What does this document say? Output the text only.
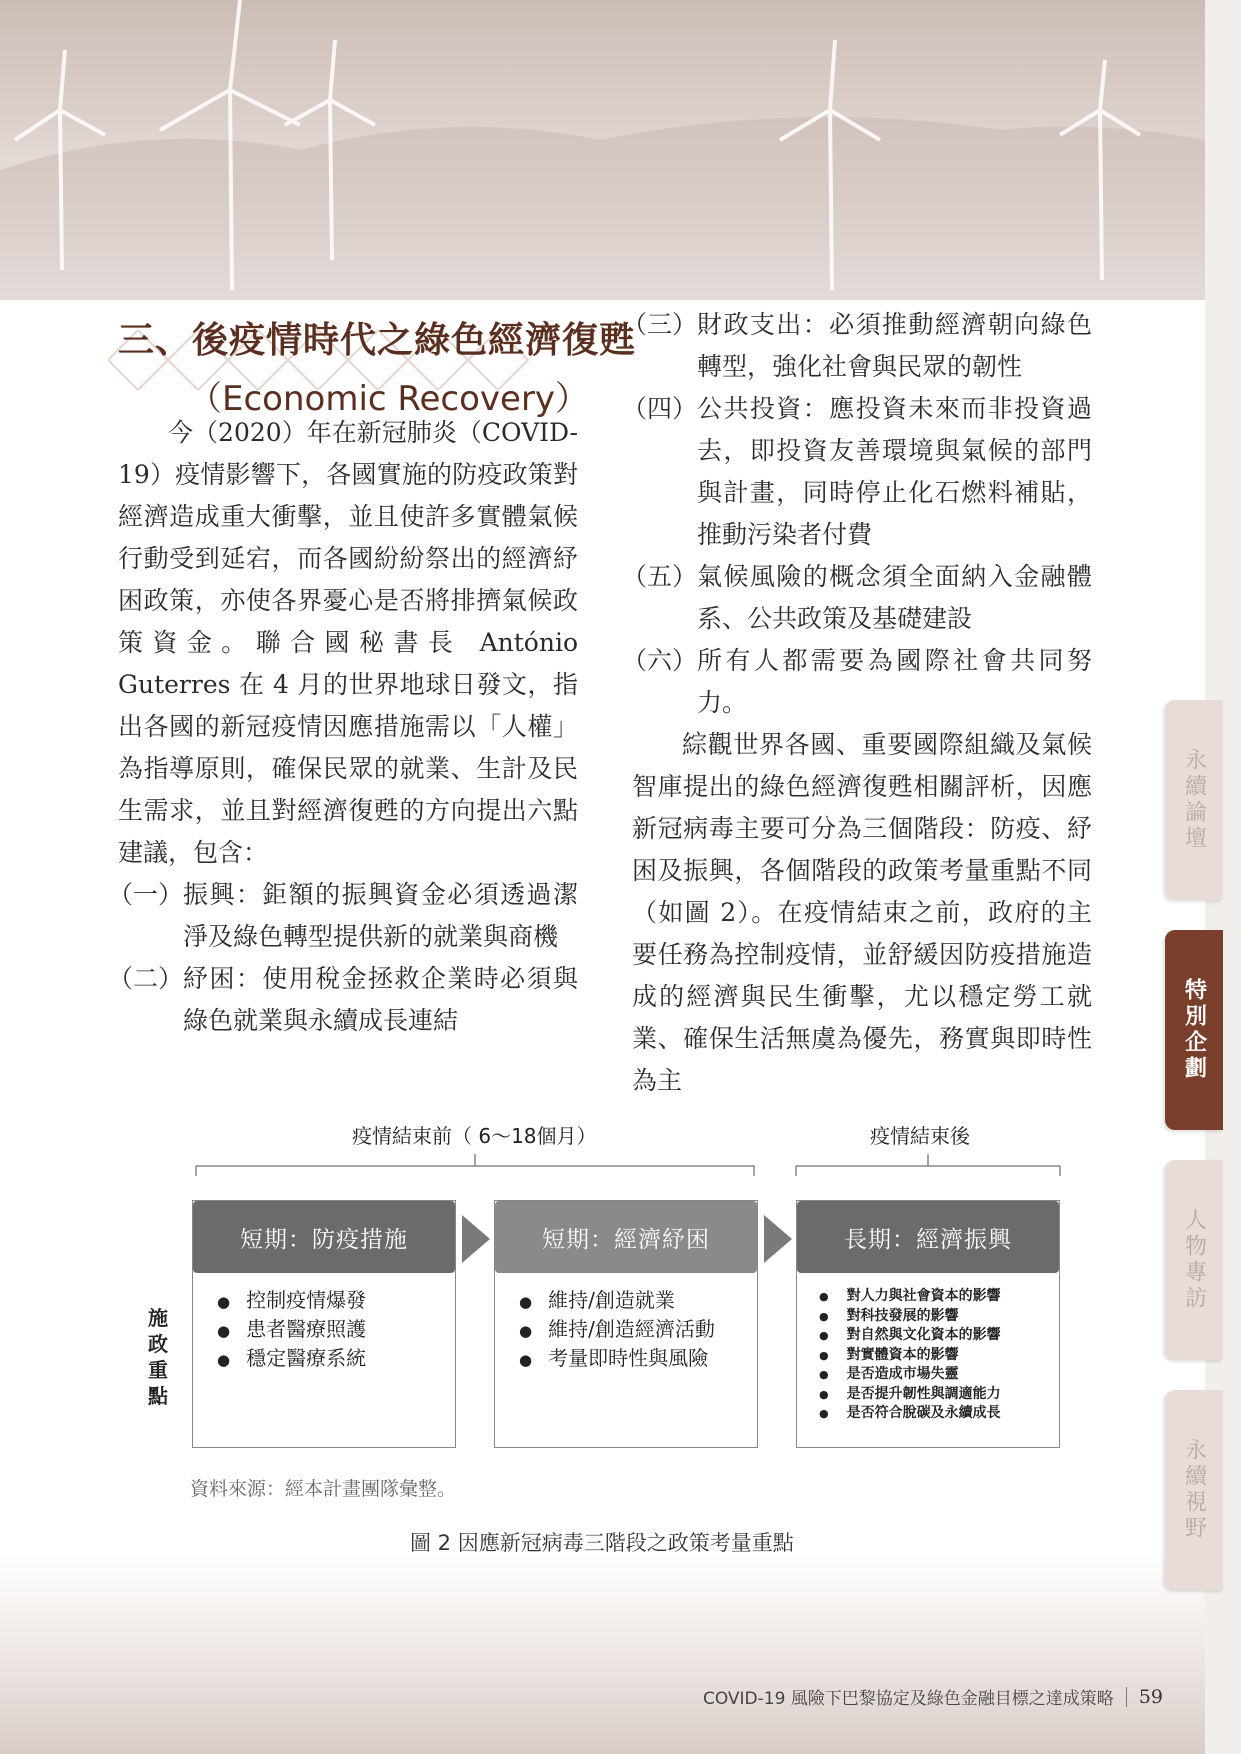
三、後疫情時代之綠色經濟復甦
（Economic Recovery）

今（2020）年在新冠肺炎（COVID-19）疫情影響下，各國實施的防疫政策對經濟造成重大衝擊，並且使許多實體氣候行動受到延宕，而各國紛紛祭出的經濟紓困政策，亦使各界憂心是否將排擠氣候政策資金。聯合國秘書長 António Guterres 在 4 月的世界地球日發文，指出各國的新冠疫情因應措施需以「人權」為指導原則，確保民眾的就業、生計及民生需求，並且對經濟復甦的方向提出六點建議，包含：

（一） 振興：鉅額的振興資金必須透過潔淨及綠色轉型提供新的就業與商機
（二） 紓困：使用稅金拯救企業時必須與綠色就業與永續成長連結
（三） 財政支出：必須推動經濟朝向綠色轉型，強化社會與民眾的韌性
（四） 公共投資：應投資未來而非投資過去，即投資友善環境與氣候的部門與計畫，同時停止化石燃料補貼，推動污染者付費
（五） 氣候風險的概念須全面納入金融體系、公共政策及基礎建設
（六） 所有人都需要為國際社會共同努力。

綜觀世界各國、重要國際組織及氣候智庫提出的綠色經濟復甦相關評析，因應新冠病毒主要可分為三個階段：防疫、紓困及振興，各個階段的政策考量重點不同（如圖 2）。在疫情結束之前，政府的主要任務為控制疫情，並舒緩因防疫措施造成的經濟與民生衝擊，尤以穩定勞工就業、確保生活無虞為優先，務實與即時性為主

永續論壇
特別企劃
人物專訪
永續視野
疫情結束前（ 6～18個月）	疫情結束後
施政重點
短期：防疫措施
● 控制疫情爆發
● 患者醫療照護
● 穩定醫療系統
短期：經濟紓困
● 維持/創造就業
● 維持/創造經濟活動
● 考量即時性與風險
長期：經濟振興
● 對人力與社會資本的影響
● 對科技發展的影響
● 對自然與文化資本的影響
● 對實體資本的影響
● 是否造成市場失靈
● 是否提升韌性與調適能力
● 是否符合脫碳及永續成長
資料來源：經本計畫團隊彙整。
圖 2 因應新冠病毒三階段之政策考量重點
COVID-19 風險下巴黎協定及綠色金融目標之達成策略 59
